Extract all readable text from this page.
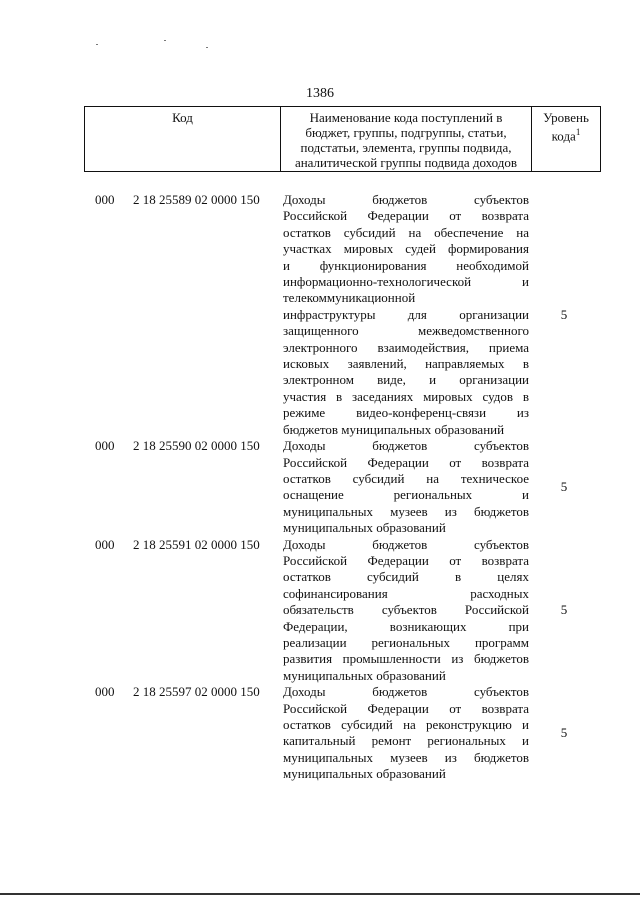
1386
Код	Наименование кода поступлений в
бюджет, группы, подгруппы, статьи,
подстатьи, элемента, группы подвида,
аналитической группы подвида доходов
Уровень
кода$^1$
000	2 18 25589 02 0000 150	Доходы бюджетов субъектов
Российской Федерации от возврата
остатков субсидий на обеспечение на
участках мировых судей формирования
и функционирования необходимой
информационно-технологической и
телекоммуникационной
инфраструктуры для организации
защищенного межведомственного
электронного взаимодействия, приема
исковых заявлений, направляемых в
электронном виде, и организации
участия в заседаниях мировых судов в
режиме видео-конференц-связи из
бюджетов муниципальных образований
5
000	2 18 25590 02 0000 150	Доходы бюджетов субъектов
Российской Федерации от возврата
остатков субсидий на техническое
оснащение региональных и
муниципальных музеев из бюджетов
муниципальных образований
5
000	2 18 25591 02 0000 150	Доходы бюджетов субъектов
Российской Федерации от возврата
остатков субсидий в целях
софинансирования расходных
обязательств субъектов Российской
Федерации, возникающих при
реализации региональных программ
развития промышленности из бюджетов
муниципальных образований
5
000	2 18 25597 02 0000 150	Доходы бюджетов субъектов
Российской Федерации от возврата
остатков субсидий на реконструкцию и
капитальный ремонт региональных и
муниципальных музеев из бюджетов
муниципальных образований
5
